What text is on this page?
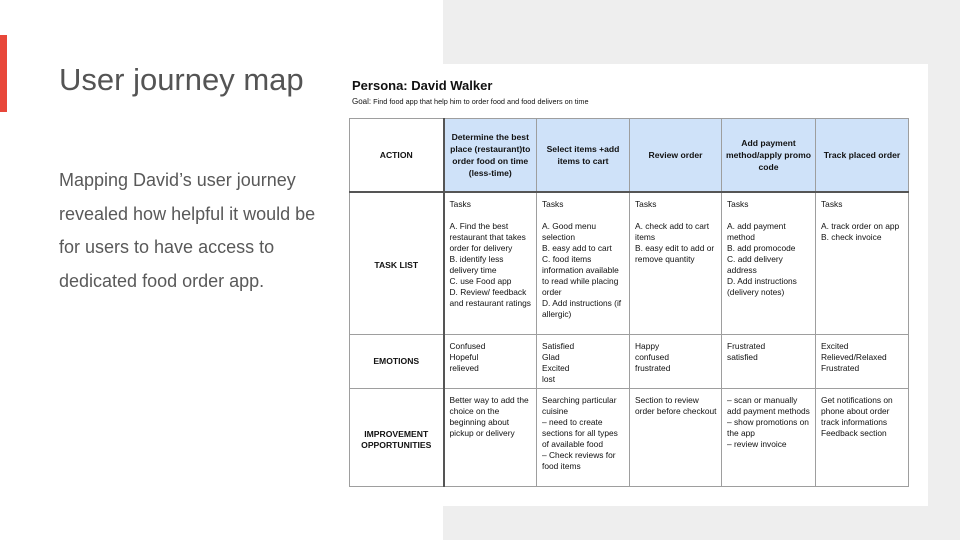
User journey map
Mapping David’s user journey revealed how helpful it would be for users to have access to dedicated food order app.
Persona: David Walker
Goal: Find food app that help him to order food and food delivers on time
ACTION	Determine the best place (restaurant)to order food on time (less-time)	Select items +add items to cart	Review order	Add payment method/apply promo code	Track placed order
TASK LIST	Tasks
A. Find the best restaurant that takes order for delivery
B. identify less delivery time
C. use Food app
D. Review/ feedback and restaurant ratings	Tasks
A. Good menu selection
B. easy add to cart
C. food items information available to read while placing order
D. Add instructions (if allergic)	Tasks
A. check add to cart items
B. easy edit to add or remove quantity	Tasks
A. add payment method
B. add promocode
C. add delivery address
D. Add instructions (delivery notes)	Tasks
A. track order on app
B. check invoice

EMOTIONS	Confused
Hopeful
relieved	Satisfied
Glad
Excited
lost	Happy
confused
frustrated	Frustrated
satisfied	Excited
Relieved/Relaxed
Frustrated

IMPROVEMENT OPPORTUNITIES	Better way to add the choice on the beginning about pickup or delivery	Searching particular cuisine
– need to create sections for all types of available food
– Check reviews for food items	Section to review order before checkout	– scan or manually add payment methods
– show promotions on the app
– review invoice	Get notifications on phone about order track informations
Feedback section
